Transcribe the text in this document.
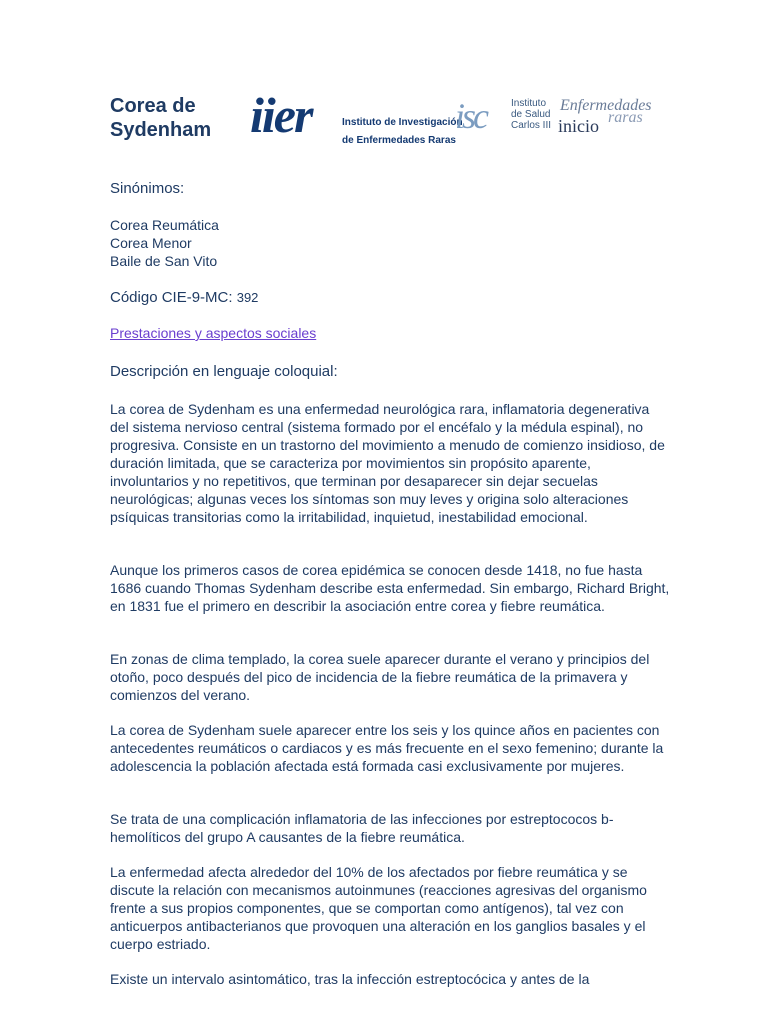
Corea de
Sydenham iier	Instituto de Investigación
de Enfermedades Raras
isc	Instituto
de Salud
Carlos III
Enfermedades
raras
inicio
Sinónimos:
Corea Reumática
Corea Menor
Baile de San Vito
Código CIE-9-MC: 392
Prestaciones y aspectos sociales
Descripción en lenguaje coloquial:
La corea de Sydenham es una enfermedad neurológica rara, inflamatoria degenerativa del sistema nervioso central (sistema formado por el encéfalo y la médula espinal), no progresiva. Consiste en un trastorno del movimiento a menudo de comienzo insidioso, de duración limitada, que se caracteriza por movimientos sin propósito aparente, involuntarios y no repetitivos, que terminan por desaparecer sin dejar secuelas neurológicas; algunas veces los síntomas son muy leves y origina solo alteraciones psíquicas transitorias como la irritabilidad, inquietud, inestabilidad emocional.
Aunque los primeros casos de corea epidémica se conocen desde 1418, no fue hasta 1686 cuando Thomas Sydenham describe esta enfermedad. Sin embargo, Richard Bright, en 1831 fue el primero en describir la asociación entre corea y fiebre reumática.
En zonas de clima templado, la corea suele aparecer durante el verano y principios del otoño, poco después del pico de incidencia de la fiebre reumática de la primavera y comienzos del verano.
La corea de Sydenham suele aparecer entre los seis y los quince años en pacientes con antecedentes reumáticos o cardiacos y es más frecuente en el sexo femenino; durante la adolescencia la población afectada está formada casi exclusivamente por mujeres.
Se trata de una complicación inflamatoria de las infecciones por estreptococos b-hemolíticos del grupo A causantes de la fiebre reumática.
La enfermedad afecta alrededor del 10% de los afectados por fiebre reumática y se discute la relación con mecanismos autoinmunes (reacciones agresivas del organismo frente a sus propios componentes, que se comportan como antígenos), tal vez con anticuerpos antibacterianos que provoquen una alteración en los ganglios basales y el cuerpo estriado.
Existe un intervalo asintomático, tras la infección estreptocócica y antes de la
